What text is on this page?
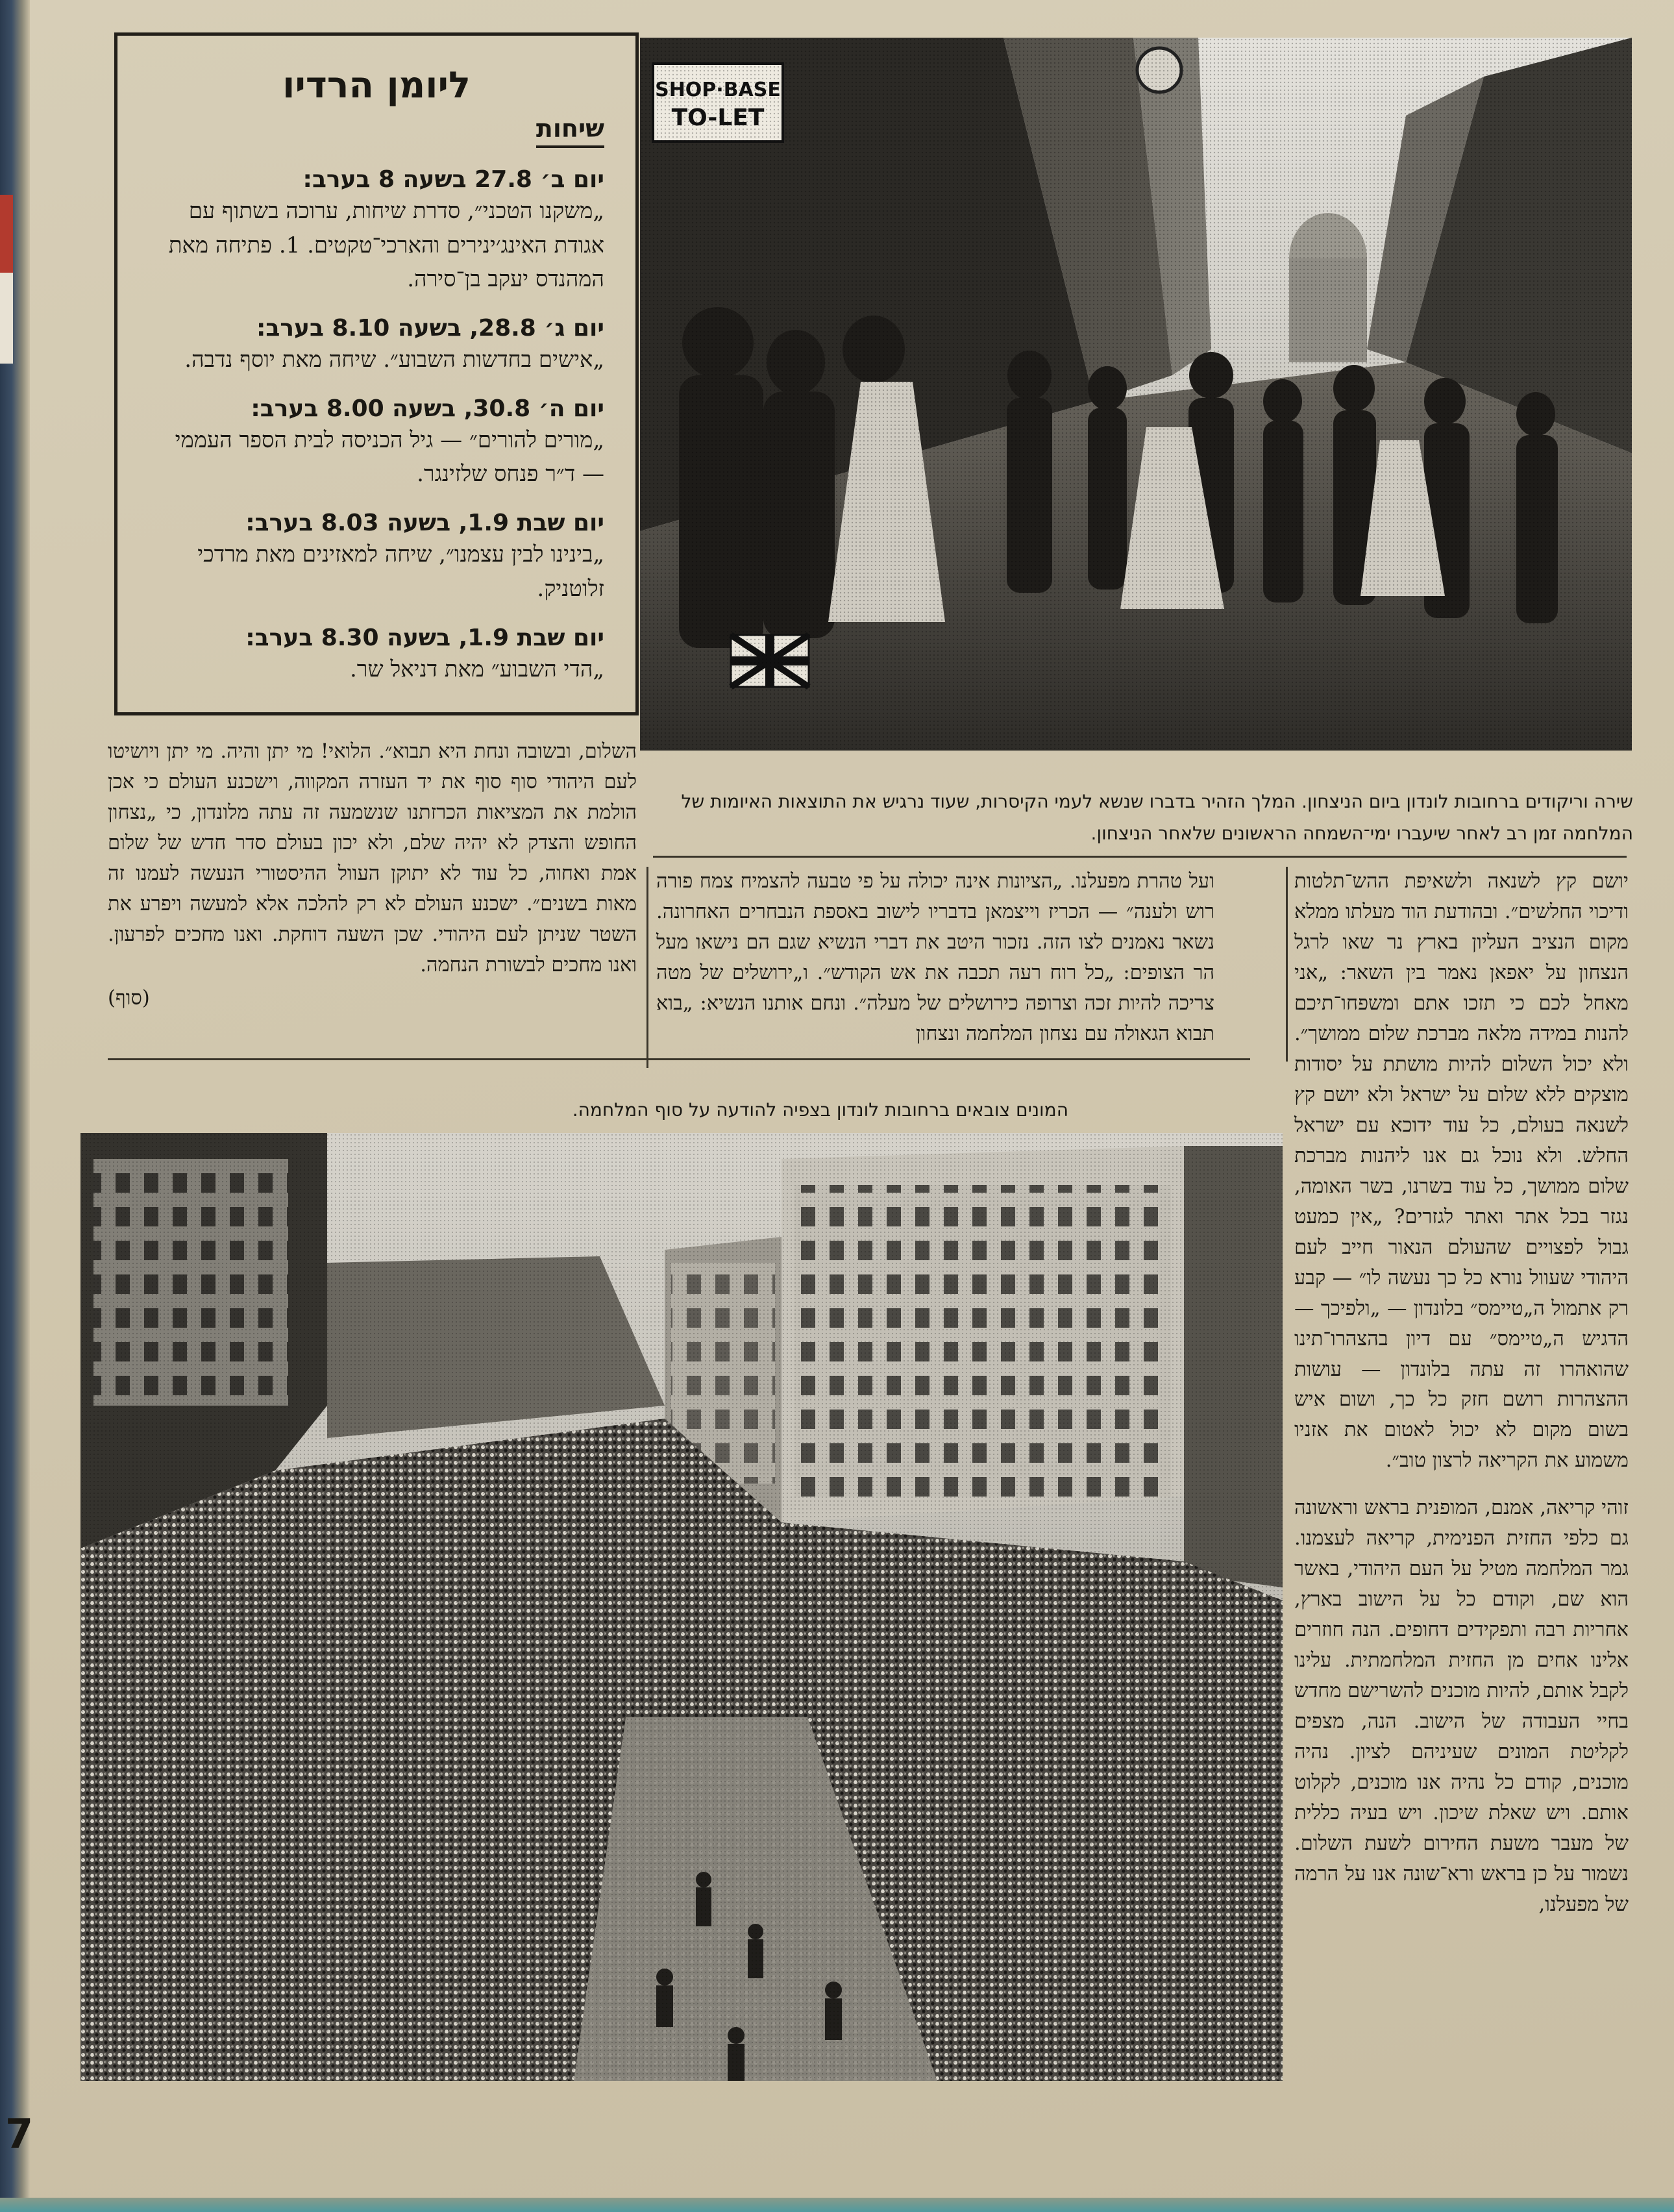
ליומן הרדיו
שיחות
יום ב׳ 27.8 בשעה 8 בערב:
„משקנו הטכני״, סדרת שיחות, ערוכה בשתוף עם אגודת האינג׳ינירים והארכי־טקטים. 1. פתיחה מאת המהנדס יעקב בן־סירה.
יום ג׳ 28.8, בשעה 8.10 בערב:
„אישים בחדשות השבוע״. שיחה מאת יוסף נדבה.
יום ה׳ 30.8, בשעה 8.00 בערב:
„מורים להורים״ — גיל הכניסה לבית הספר העממי — ד״ר פנחס שלזינגר.
יום שבת 1.9, בשעה 8.03 בערב:
„בינינו לבין עצמנו״, שיחה למאזינים מאת מרדכי זלוטניק.
יום שבת 1.9, בשעה 8.30 בערב:
„הדי השבוע״ מאת דניאל שר.
שירה וריקודים ברחובות לונדון ביום הניצחון. המלך הזהיר בדברו שנשא לעמי הקיסרות, שעוד נרגיש את התוצאות האיומות של המלחמה זמן רב לאחר שיעברו ימי־השמחה הראשונים שלאחר הניצחון.

השלום, ובשובה ונחת היא תבוא״. הלואי! מי יתן והיה. מי יתן ויושיטו לעם היהודי סוף סוף את יד העזרה המקווה, וישכנע העולם כי אכן הולמת את המציאות הכרזתנו שנשמעה זה עתה מלונדון, כי „נצחון החופש והצדק לא יהיה שלם, ולא יכון בעולם סדר חדש של שלום אמת ואחוה, כל עוד לא יתוקן העוול ההיסטורי הנעשה לעמנו זה מאות בשנים״. ישכנע העולם לא רק להלכה אלא למעשה ויפרע את השטר שניתן לעם היהודי. שכן השעה דוחקת. ואנו מחכים לפרעון. ואנו מחכים לבשורת הנחמה.

(סוף)

ועל טהרת מפעלנו. „הציונות אינה יכולה על פי טבעה להצמיח צמח פורה רוש ולענה״ — הכריז וייצמאן בדבריו לישוב באספת הנבחרים האחרונה. נשאר נאמנים לצו הזה. נזכור היטב את דברי הנשיא שגם הם נישאו מעל הר הצופים: „כל רוח רעה תכבה את אש הקודש״. ו„ירושלים של מטה צריכה להיות זכה וצרופה כירושלים של מעלה״. ונחם אותנו הנשיא: „בוא תבוא הגאולה עם נצחון המלחמה ונצחון

המונים צובאים ברחובות לונדון בצפיה להודעה על סוף המלחמה.

יושם קץ לשנאה ולשאיפת ההש־תלטות ודיכוי החלשים״. ובהודעת הוד מעלתו ממלא מקום הנציב העליון בארץ נר שאו לרגל הנצחון על יאפאן נאמר בין השאר: „אני מאחל לכם כי תזכו אתם ומשפחו־תיכם להנות במידה מלאה מברכת שלום ממושך״. ולא יכול השלום להיות מושתת על יסודות מוצקים ללא שלום על ישראל ולא יושם קץ לשנאה בעולם, כל עוד ידוכא עם ישראל החלש. ולא נוכל גם אנו ליהנות מברכת שלום ממושך, כל עוד בשרנו, בשר האומה, נגזר בכל אתר ואתר לגזרים? „אין כמעט גבול לפצויים שהעולם הנאור חייב לעם היהודי שעוול נורא כל כך נעשה לו״ — קבע רק אתמול ה„טיימס״ בלונדון — „ולפיכך — הדגיש ה„טיימס״ עם דיון בהצהרו־תינו שהואהרו זה עתה בלונדון — עושות ההצהרות רושם חזק כל כך, ושום איש בשום מקום לא יכול לאטום את אזניו משמוע את הקריאה לרצון טוב״.

זוהי קריאה, אמנם, המופנית בראש וראשונה גם כלפי החזית הפנימית, קריאה לעצמנו. גמר המלחמה מטיל על העם היהודי, באשר הוא שם, וקודם כל על הישוב בארץ, אחריות רבה ותפקידים דחופים. הנה חוזרים אלינו אחים מן החזית המלחמתית. עלינו לקבל אותם, להיות מוכנים להשרישם מחדש בחיי העבודה של הישוב. הנה, מצפים לקליטת המונים שעיניהם לציון. נהיה מוכנים, קודם כל נהיה אנו מוכנים, לקלוט אותם. ויש שאלת שיכון. ויש בעיה כללית של מעבר משעת החירום לשעת השלום. נשמור על כן בראש ורא־שונה אנו על הרמה של מפעלנו,

7
